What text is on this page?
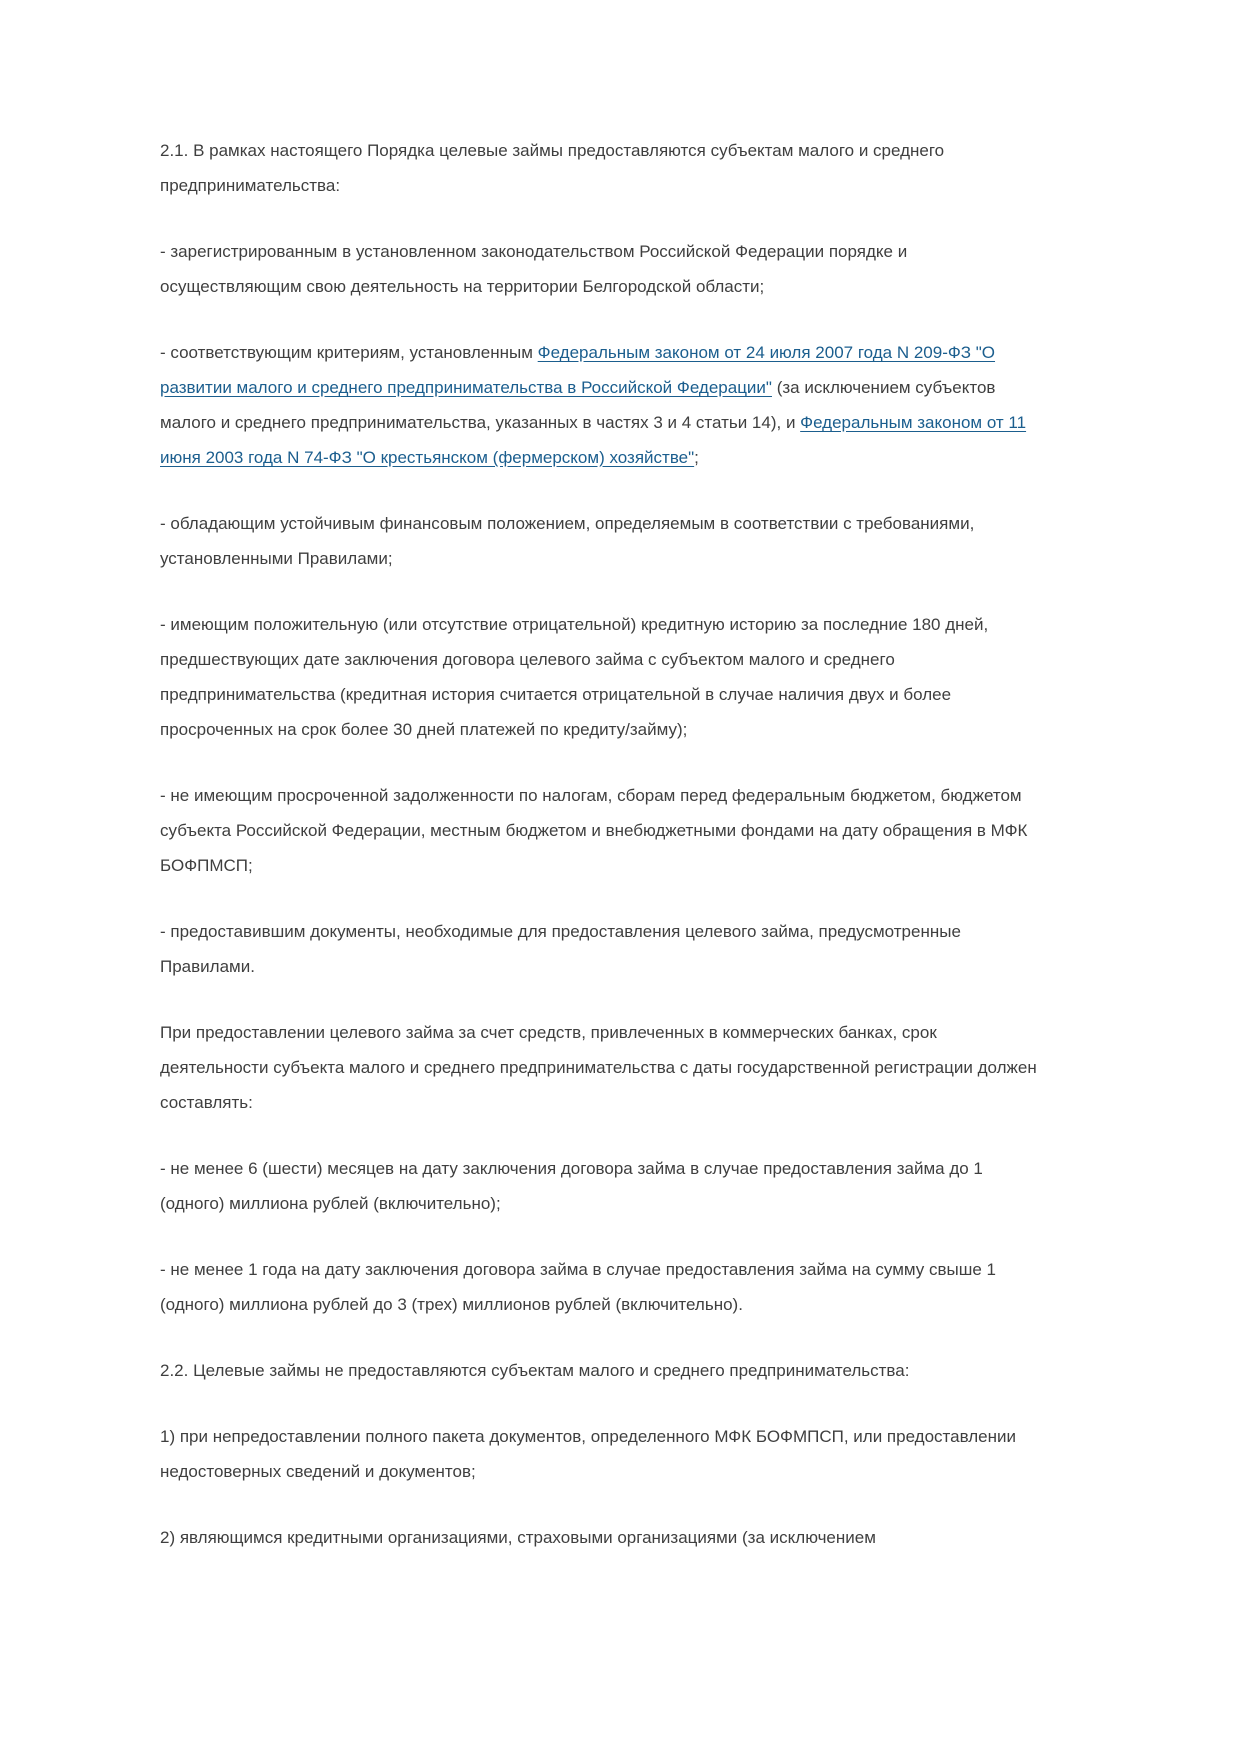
2.1. В рамках настоящего Порядка целевые займы предоставляются субъектам малого и среднего предпринимательства:

- зарегистрированным в установленном законодательством Российской Федерации порядке и осуществляющим свою деятельность на территории Белгородской области;

- соответствующим критериям, установленным Федеральным законом от 24 июля 2007 года N 209-ФЗ "О развитии малого и среднего предпринимательства в Российской Федерации" (за исключением субъектов малого и среднего предпринимательства, указанных в частях 3 и 4 статьи 14), и Федеральным законом от 11 июня 2003 года N 74-ФЗ "О крестьянском (фермерском) хозяйстве";

- обладающим устойчивым финансовым положением, определяемым в соответствии с требованиями, установленными Правилами;

- имеющим положительную (или отсутствие отрицательной) кредитную историю за последние 180 дней, предшествующих дате заключения договора целевого займа с субъектом малого и среднего предпринимательства (кредитная история считается отрицательной в случае наличия двух и более просроченных на срок более 30 дней платежей по кредиту/займу);

- не имеющим просроченной задолженности по налогам, сборам перед федеральным бюджетом, бюджетом субъекта Российской Федерации, местным бюджетом и внебюджетными фондами на дату обращения в МФК БОФПМСП;

- предоставившим документы, необходимые для предоставления целевого займа, предусмотренные Правилами.

При предоставлении целевого займа за счет средств, привлеченных в коммерческих банках, срок деятельности субъекта малого и среднего предпринимательства с даты государственной регистрации должен составлять:

- не менее 6 (шести) месяцев на дату заключения договора займа в случае предоставления займа до 1 (одного) миллиона рублей (включительно);

- не менее 1 года на дату заключения договора займа в случае предоставления займа на сумму свыше 1 (одного) миллиона рублей до 3 (трех) миллионов рублей (включительно).

2.2. Целевые займы не предоставляются субъектам малого и среднего предпринимательства:

1) при непредоставлении полного пакета документов, определенного МФК БОФМПСП, или предоставлении недостоверных сведений и документов;

2) являющимся кредитными организациями, страховыми организациями (за исключением
